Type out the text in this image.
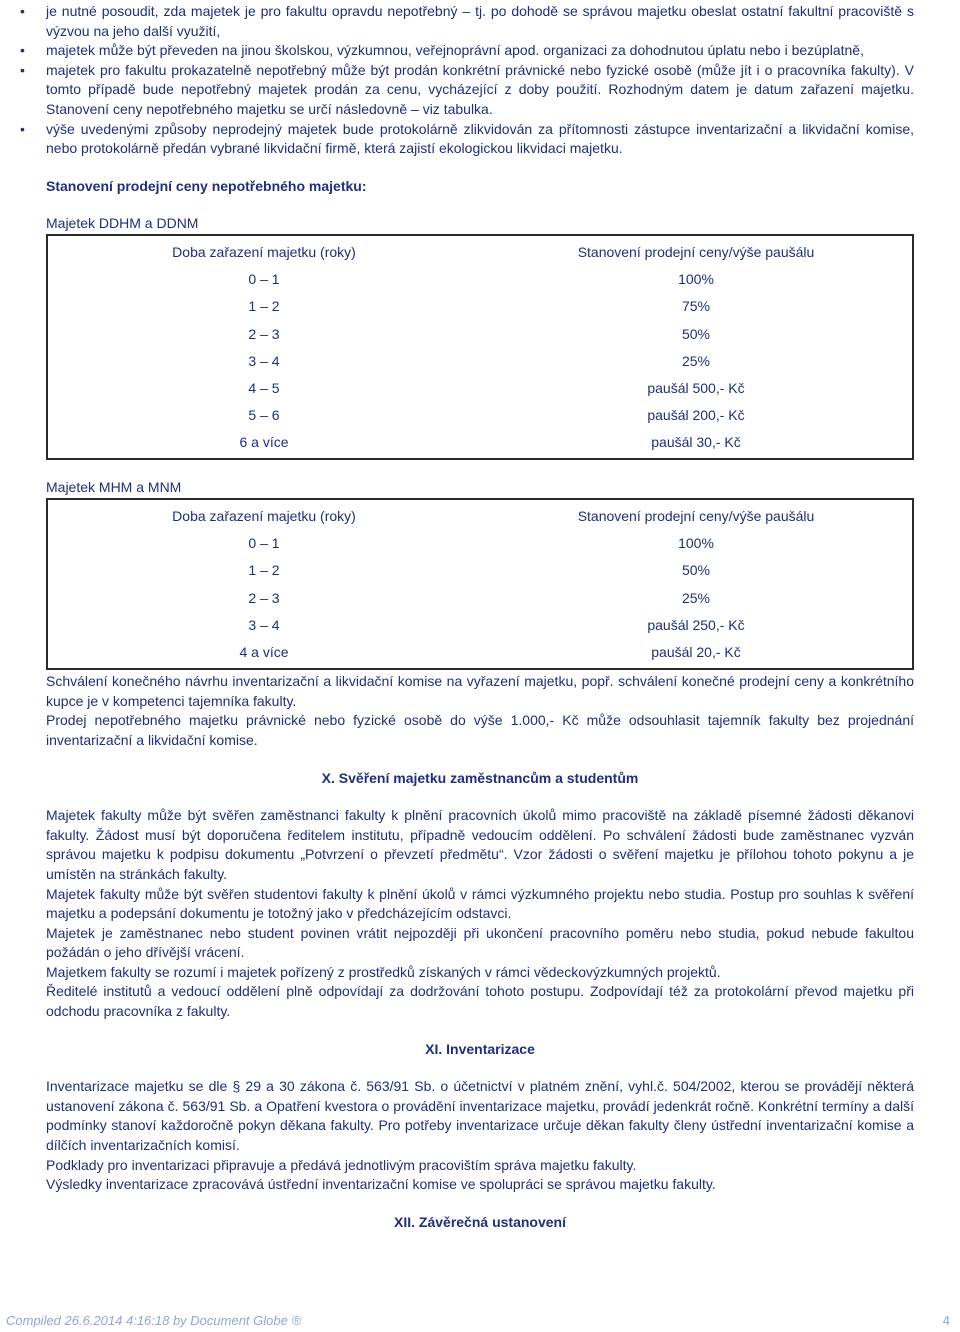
• je nutné posoudit, zda majetek je pro fakultu opravdu nepotřebný – tj. po dohodě se správou majetku obeslat ostatní fakultní pracoviště s výzvou na jeho další využití,
• majetek může být převeden na jinou školskou, výzkumnou, veřejnoprávní apod. organizaci za dohodnutou úplatu nebo i bezúplatně,
• majetek pro fakultu prokazatelně nepotřebný může být prodán konkrétní právnické nebo fyzické osobě (může jít i o pracovníka fakulty). V tomto případě bude nepotřebný majetek prodán za cenu, vycházející z doby použití. Rozhodným datem je datum zařazení majetku. Stanovení ceny nepotřebného majetku se určí následovně – viz tabulka.
• výše uvedenými způsoby neprodejný majetek bude protokolárně zlikvidován za přítomnosti zástupce inventarizační a likvidační komise, nebo protokolárně předán vybrané likvidační firmě, která zajistí ekologickou likvidaci majetku.

Stanovení prodejní ceny nepotřebného majetku:

Majetek DDHM a DDNM

Doba zařazení majetku (roky)	Stanovení prodejní ceny/výše paušálu
0 – 1	100%
1 – 2	75%
2 – 3	50%
3 – 4	25%
4 – 5	paušál 500,- Kč
5 – 6	paušál 200,- Kč
6 a více	paušál 30,- Kč

Majetek MHM a MNM

Doba zařazení majetku (roky)	Stanovení prodejní ceny/výše paušálu
0 – 1	100%
1 – 2	50%
2 – 3	25%
3 – 4	paušál 250,- Kč
4 a více	paušál 20,- Kč

Schválení konečného návrhu inventarizační a likvidační komise na vyřazení majetku, popř. schválení konečné prodejní ceny a konkrétního kupce je v kompetenci tajemníka fakulty.

Prodej nepotřebného majetku právnické nebo fyzické osobě do výše 1.000,- Kč může odsouhlasit tajemník fakulty bez projednání inventarizační a likvidační komise.

X. Svěření majetku zaměstnancům a studentům

Majetek fakulty může být svěřen zaměstnanci fakulty k plnění pracovních úkolů mimo pracoviště na základě písemné žádosti děkanovi fakulty. Žádost musí být doporučena ředitelem institutu, případně vedoucím oddělení. Po schválení žádosti bude zaměstnanec vyzván správou majetku k podpisu dokumentu „Potvrzení o převzetí předmětu“. Vzor žádosti o svěření majetku je přílohou tohoto pokynu a je umístěn na stránkách fakulty.

Majetek fakulty může být svěřen studentovi fakulty k plnění úkolů v rámci výzkumného projektu nebo studia. Postup pro souhlas k svěření majetku a podepsání dokumentu je totožný jako v předcházejícím odstavci.

Majetek je zaměstnanec nebo student povinen vrátit nejpozději při ukončení pracovního poměru nebo studia, pokud nebude fakultou požádán o jeho dřívější vrácení.

Majetkem fakulty se rozumí i majetek pořízený z prostředků získaných v rámci vědeckovýzkumných projektů.

Ředitelé institutů a vedoucí oddělení plně odpovídají za dodržování tohoto postupu. Zodpovídají též za protokolární převod majetku při odchodu pracovníka z fakulty.

XI. Inventarizace

Inventarizace majetku se dle § 29 a 30 zákona č. 563/91 Sb. o účetnictví v platném znění, vyhl.č. 504/2002, kterou se provádějí některá ustanovení zákona č. 563/91 Sb. a Opatření kvestora o provádění inventarizace majetku, provádí jedenkrát ročně. Konkrétní termíny a další podmínky stanoví každoročně pokyn děkana fakulty. Pro potřeby inventarizace určuje děkan fakulty členy ústřední inventarizační komise a dílčích inventarizačních komisí.

Podklady pro inventarizaci připravuje a předává jednotlivým pracovištím správa majetku fakulty.

Výsledky inventarizace zpracovává ústřední inventarizační komise ve spolupráci se správou majetku fakulty.

XII. Závěrečná ustanovení

Compiled 26.6.2014 4:16:18 by Document Globe ®	4
